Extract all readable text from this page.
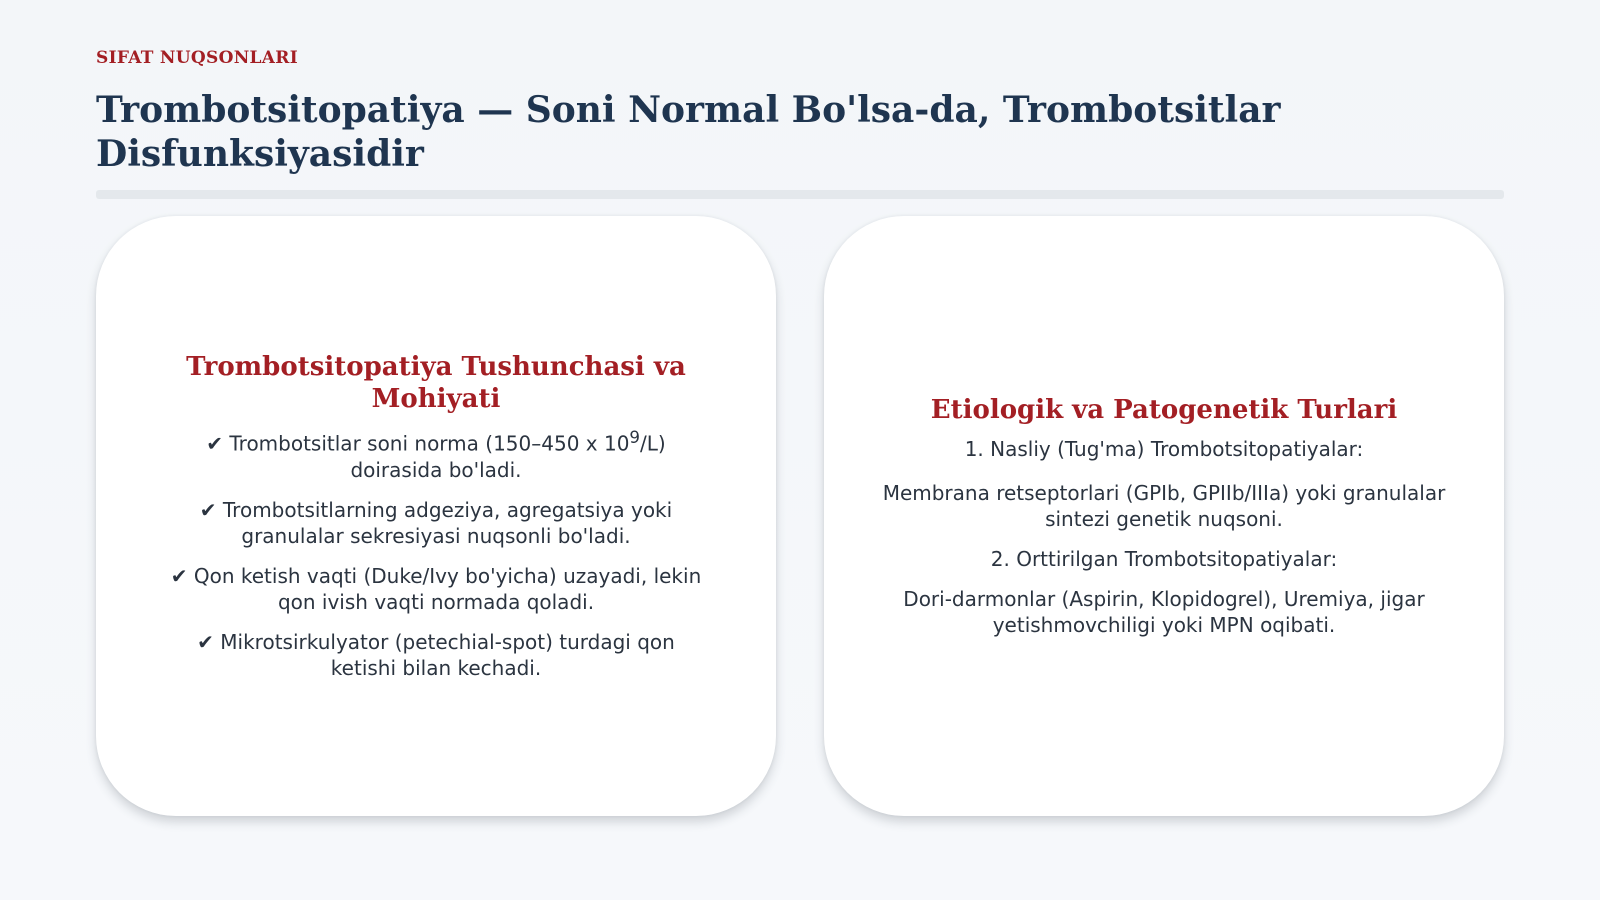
SIFAT NUQSONLARI
Trombotsitopatiya — Soni Normal Bo'lsa-da, Trombotsitlar Disfunksiyasidir
Trombotsitopatiya Tushunchasi va Mohiyati
✔ Trombotsitlar soni norma (150–450 x $10^9/L$) doirasida bo'ladi.
✔ Trombotsitlarning adgeziya, agregatsiya yoki granulalar sekresiyasi nuqsonli bo'ladi.
✔ Qon ketish vaqti (Duke/Ivy bo'yicha) uzayadi, lekin qon ivish vaqti normada qoladi.
✔ Mikrotsirkulyator (petechial-spot) turdagi qon ketishi bilan kechadi.
Etiologik va Patogenetik Turlari

1. Nasliy (Tug'ma) Trombotsitopatiyalar:

Membrana retseptorlari (GPIb, GPIIb/IIIa) yoki granulalar sintezi genetik nuqsoni.

2. Orttirilgan Trombotsitopatiyalar:

Dori-darmonlar (Aspirin, Klopidogrel), Uremiya, jigar yetishmovchiligi yoki MPN oqibati.
